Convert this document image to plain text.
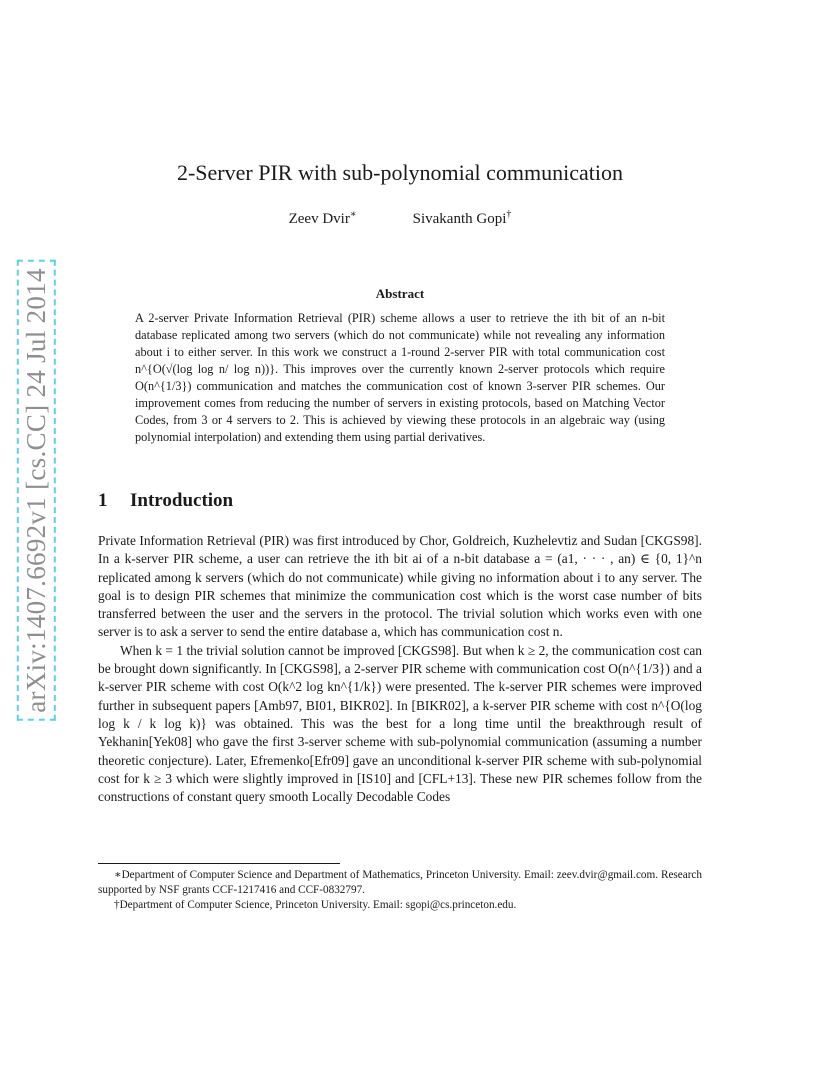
arXiv:1407.6692v1 [cs.CC] 24 Jul 2014
2-Server PIR with sub-polynomial communication
Zeev Dvir∗	Sivakanth Gopi†
Abstract
A 2-server Private Information Retrieval (PIR) scheme allows a user to retrieve the ith bit of an n-bit database replicated among two servers (which do not communicate) while not revealing any information about i to either server. In this work we construct a 1-round 2-server PIR with total communication cost n^{O(√(log log n/ log n))}. This improves over the currently known 2-server protocols which require O(n^{1/3}) communication and matches the communication cost of known 3-server PIR schemes. Our improvement comes from reducing the number of servers in existing protocols, based on Matching Vector Codes, from 3 or 4 servers to 2. This is achieved by viewing these protocols in an algebraic way (using polynomial interpolation) and extending them using partial derivatives.
1 Introduction

Private Information Retrieval (PIR) was first introduced by Chor, Goldreich, Kuzhelevtiz and Sudan [CKGS98]. In a k-server PIR scheme, a user can retrieve the ith bit ai of a n-bit database a = (a1, · · · , an) ∈ {0, 1}^n replicated among k servers (which do not communicate) while giving no information about i to any server. The goal is to design PIR schemes that minimize the communication cost which is the worst case number of bits transferred between the user and the servers in the protocol. The trivial solution which works even with one server is to ask a server to send the entire database a, which has communication cost n.

When k = 1 the trivial solution cannot be improved [CKGS98]. But when k ≥ 2, the communication cost can be brought down significantly. In [CKGS98], a 2-server PIR scheme with communication cost O(n^{1/3}) and a k-server PIR scheme with cost O(k^2 log kn^{1/k}) were presented. The k-server PIR schemes were improved further in subsequent papers [Amb97, BI01, BIKR02]. In [BIKR02], a k-server PIR scheme with cost n^{O(log log k / k log k)} was obtained. This was the best for a long time until the breakthrough result of Yekhanin[Yek08] who gave the first 3-server scheme with sub-polynomial communication (assuming a number theoretic conjecture). Later, Efremenko[Efr09] gave an unconditional k-server PIR scheme with sub-polynomial cost for k ≥ 3 which were slightly improved in [IS10] and [CFL+13]. These new PIR schemes follow from the constructions of constant query smooth Locally Decodable Codes

∗Department of Computer Science and Department of Mathematics, Princeton University. Email: zeev.dvir@gmail.com. Research supported by NSF grants CCF-1217416 and CCF-0832797.

†Department of Computer Science, Princeton University. Email: sgopi@cs.princeton.edu.
